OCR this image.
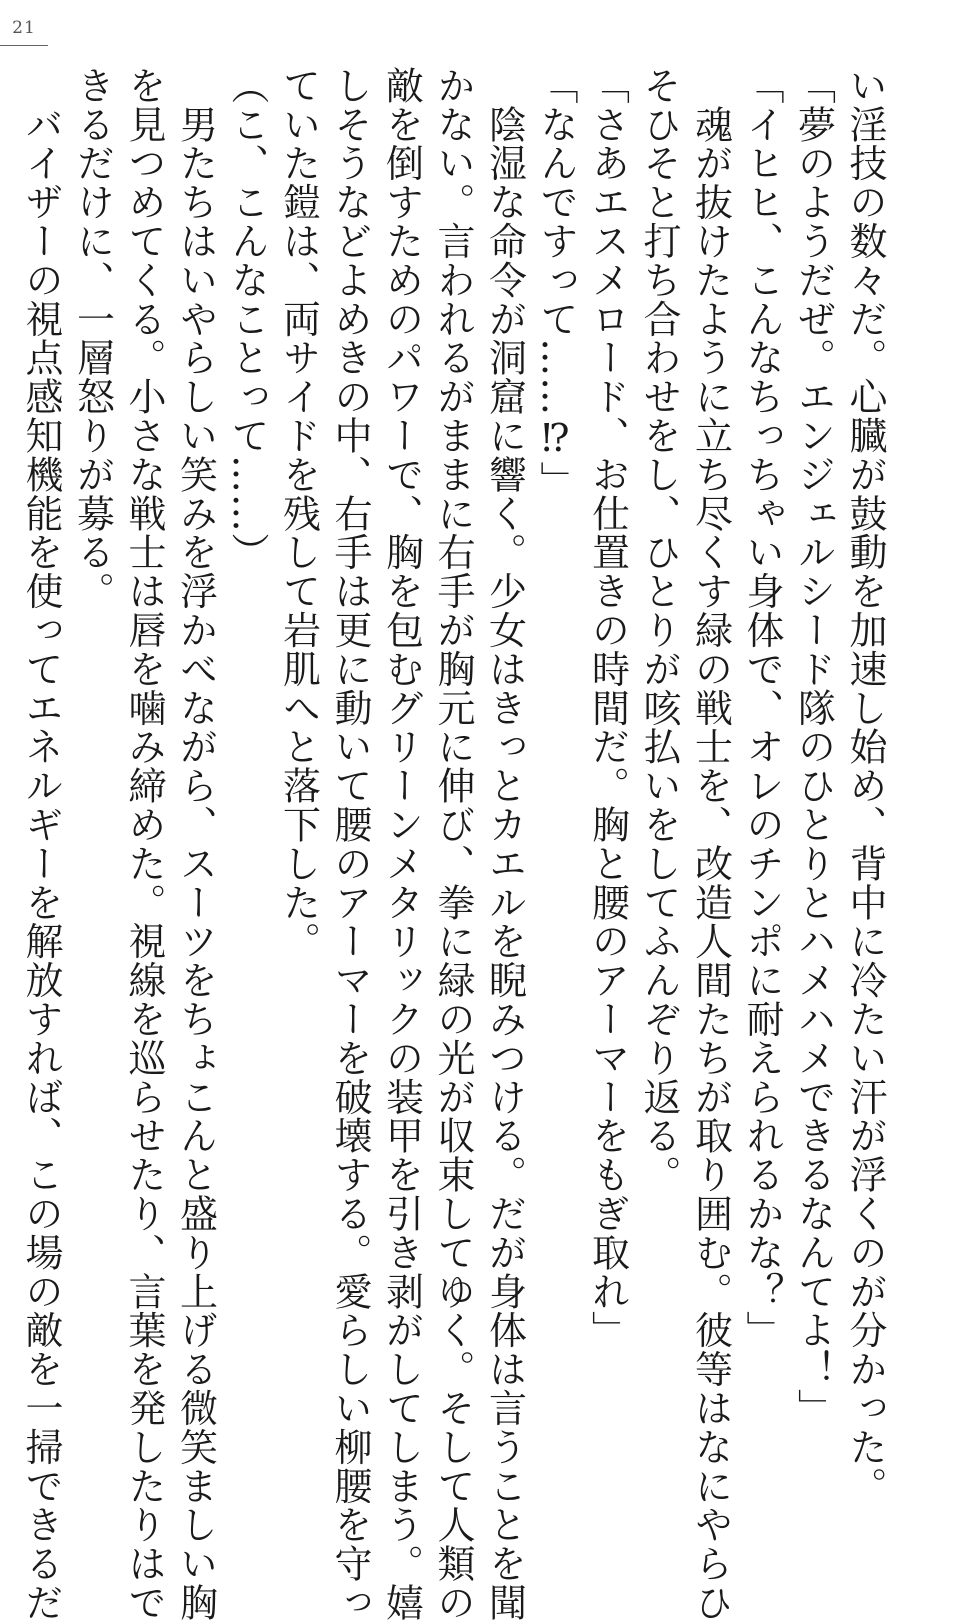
21

い淫技の数々だ。心臓が鼓動を加速し始め、背中に冷たい汗が浮くのが分かった。

「夢のようだぜ。エンジェルシード隊のひとりとハメハメできるなんてよ！」

「イヒヒ、こんなちっちゃい身体で、オレのチンポに耐えられるかな？」

　魂が抜けたように立ち尽くす緑の戦士を、改造人間たちが取り囲む。彼等はなにやらひ

そひそと打ち合わせをし、ひとりが咳払いをしてふんぞり返る。

「さあエスメロード、お仕置きの時間だ。胸と腰のアーマーをもぎ取れ」

「なんですって……⁉」

　陰湿な命令が洞窟に響く。少女はきっとカエルを睨みつける。だが身体は言うことを聞

かない。言われるがままに右手が胸元に伸び、拳に緑の光が収束してゆく。そして人類の

敵を倒すためのパワーで、胸を包むグリーンメタリックの装甲を引き剥がしてしまう。嬉

しそうなどよめきの中、右手は更に動いて腰のアーマーを破壊する。愛らしい柳腰を守っ

ていた鎧は、両サイドを残して岩肌へと落下した。

（こ、こんなことって……）

　男たちはいやらしい笑みを浮かべながら、スーツをちょこんと盛り上げる微笑ましい胸

を見つめてくる。小さな戦士は唇を噛み締めた。視線を巡らせたり、言葉を発したりはで

きるだけに、一層怒りが募る。

　バイザーの視点感知機能を使ってエネルギーを解放すれば、この場の敵を一掃できるだ
